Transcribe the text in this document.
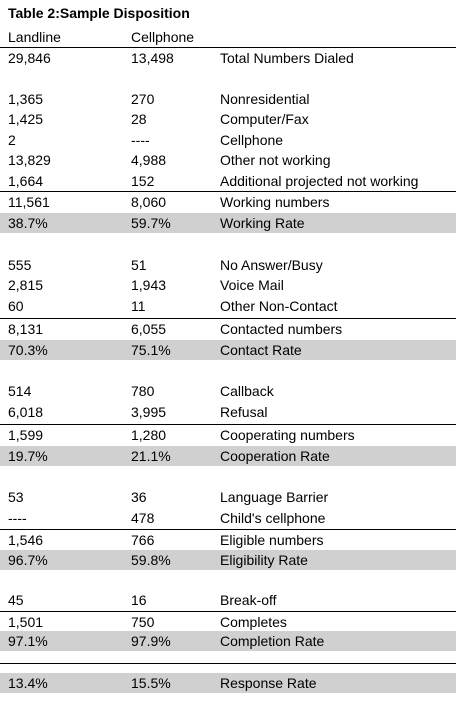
Table 2:Sample Disposition
Landline	Cellphone
29,846	13,498	Total Numbers Dialed
1,365	270	Nonresidential
1,425	28	Computer/Fax
2	----	Cellphone
13,829	4,988	Other not working
1,664	152	Additional projected not working
11,561	8,060	Working numbers
38.7%	59.7%	Working Rate
555	51	No Answer/Busy
2,815	1,943	Voice Mail
60	11	Other Non-Contact
8,131	6,055	Contacted numbers
70.3%	75.1%	Contact Rate
514	780	Callback
6,018	3,995	Refusal
1,599	1,280	Cooperating numbers
19.7%	21.1%	Cooperation Rate
53	36	Language Barrier
----	478	Child's cellphone
1,546	766	Eligible numbers
96.7%	59.8%	Eligibility Rate
45	16	Break-off
1,501	750	Completes
97.1%	97.9%	Completion Rate
13.4%	15.5%	Response Rate
